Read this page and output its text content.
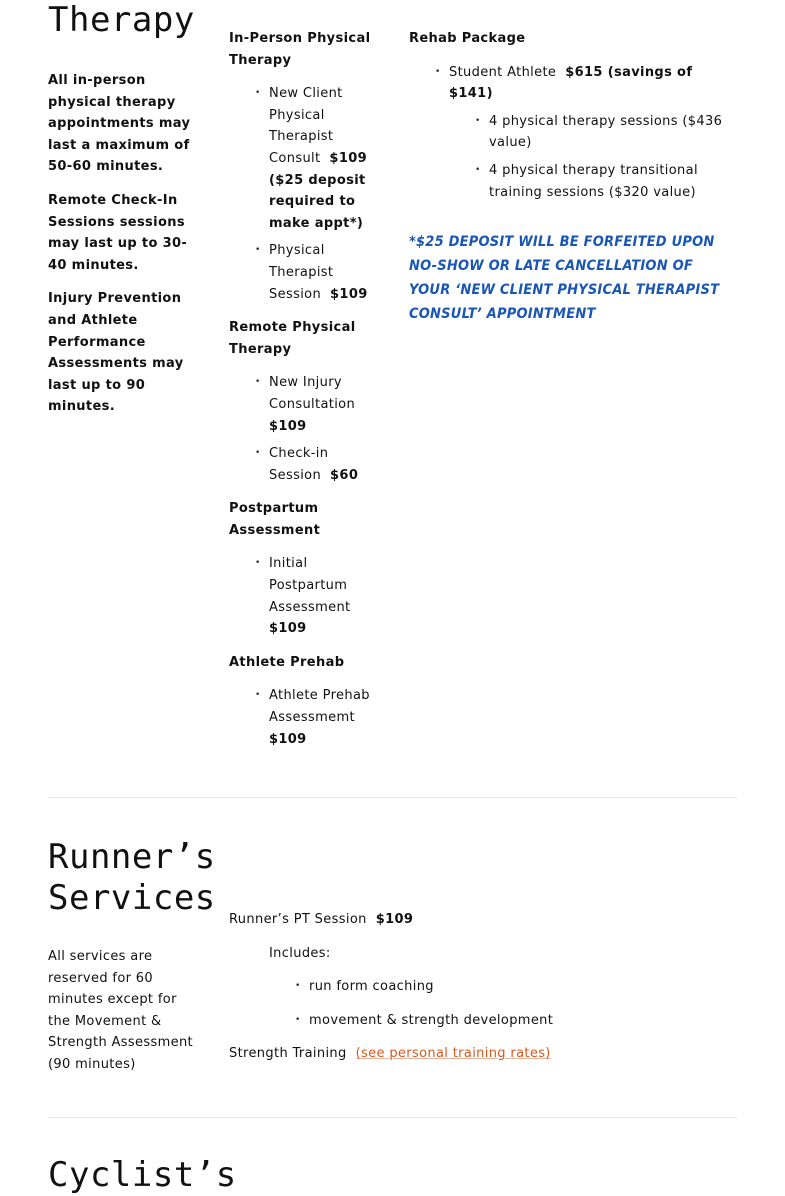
Therapy

All in-person physical therapy appointments may last a maximum of 50-60 minutes.

Remote Check-In Sessions sessions may last up to 30-40 minutes.

Injury Prevention and Athlete Performance Assessments may last up to 90 minutes.

In-Person Physical Therapy

• New Client Physical Therapist Consult $109 ($25 deposit required to make appt*)
• Physical Therapist Session $109

Remote Physical Therapy

• New Injury Consultation  $109
• Check-in Session $60

Postpartum Assessment

• Initial Postpartum Assessment  $109

Athlete Prehab

• Athlete Prehab Assessmemt  $109

Rehab Package

• Student Athlete $615 (savings of $141)
• 4 physical therapy sessions ($436 value)
• 4 physical therapy transitional training sessions ($320 value)

*$25 DEPOSIT WILL BE FORFEITED UPON NO-SHOW OR LATE CANCELLATION OF YOUR ‘NEW CLIENT PHYSICAL THERAPIST CONSULT’ APPOINTMENT

Runner’s
Services

All services are reserved for 60 minutes except for the Movement & Strength Assessment (90 minutes)

Runner’s PT Session $109

Includes:

• run form coaching
• movement & strength development

Strength Training (see personal training rates)

Cyclist’s
